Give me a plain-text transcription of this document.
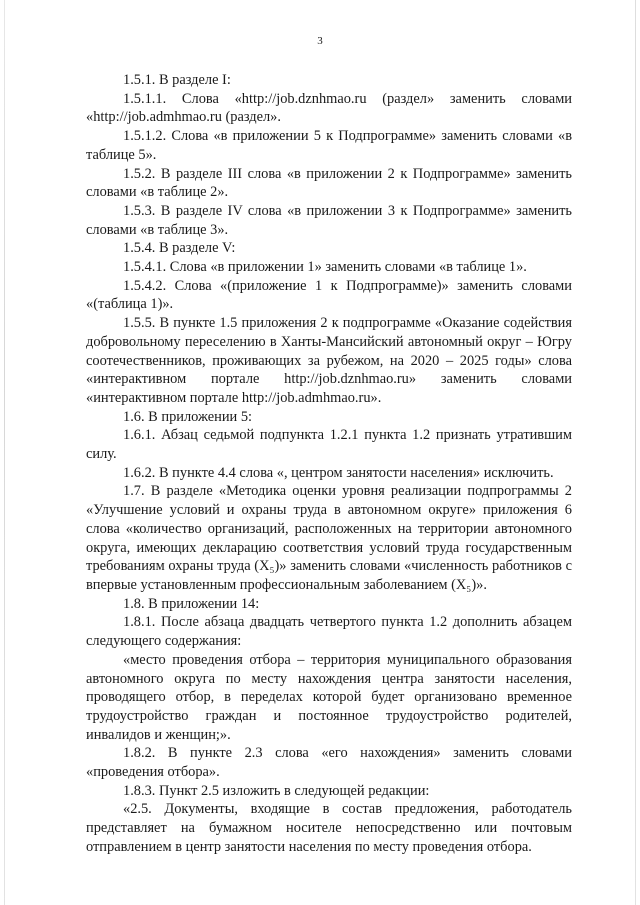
3

1.5.1. В разделе I:

1.5.1.1. Слова «http://job.dznhmao.ru (раздел» заменить словами «http://job.admhmao.ru (раздел».

1.5.1.2. Слова «в приложении 5 к Подпрограмме» заменить словами «в таблице 5».

1.5.2. В разделе III слова «в приложении 2 к Подпрограмме» заменить словами «в таблице 2».

1.5.3. В разделе IV слова «в приложении 3 к Подпрограмме» заменить словами «в таблице 3».

1.5.4. В разделе V:

1.5.4.1. Слова «в приложении 1» заменить словами «в таблице 1».

1.5.4.2. Слова «(приложение 1 к Подпрограмме)» заменить словами «(таблица 1)».

1.5.5. В пункте 1.5 приложения 2 к подпрограмме «Оказание содействия добровольному переселению в Ханты-Мансийский автономный округ – Югру соотечественников, проживающих за рубежом, на 2020 – 2025 годы» слова «интерактивном портале http://job.dznhmao.ru» заменить словами «интерактивном портале http://job.admhmao.ru».

1.6. В приложении 5:

1.6.1. Абзац седьмой подпункта 1.2.1 пункта 1.2 признать утратившим силу.

1.6.2. В пункте 4.4 слова «, центром занятости населения» исключить.

1.7. В разделе «Методика оценки уровня реализации подпрограммы 2 «Улучшение условий и охраны труда в автономном округе» приложения 6 слова «количество организаций, расположенных на территории автономного округа, имеющих декларацию соответствия условий труда государственным требованиям охраны труда (X₅)» заменить словами «численность работников с впервые установленным профессиональным заболеванием (X₅)».

1.8. В приложении 14:

1.8.1. После абзаца двадцать четвертого пункта 1.2 дополнить абзацем следующего содержания:

«место проведения отбора – территория муниципального образования автономного округа по месту нахождения центра занятости населения, проводящего отбор, в переделах которой будет организовано временное трудоустройство граждан и постоянное трудоустройство родителей, инвалидов и женщин;».

1.8.2. В пункте 2.3 слова «его нахождения» заменить словами «проведения отбора».

1.8.3. Пункт 2.5 изложить в следующей редакции:

«2.5. Документы, входящие в состав предложения, работодатель представляет на бумажном носителе непосредственно или почтовым отправлением в центр занятости населения по месту проведения отбора.
